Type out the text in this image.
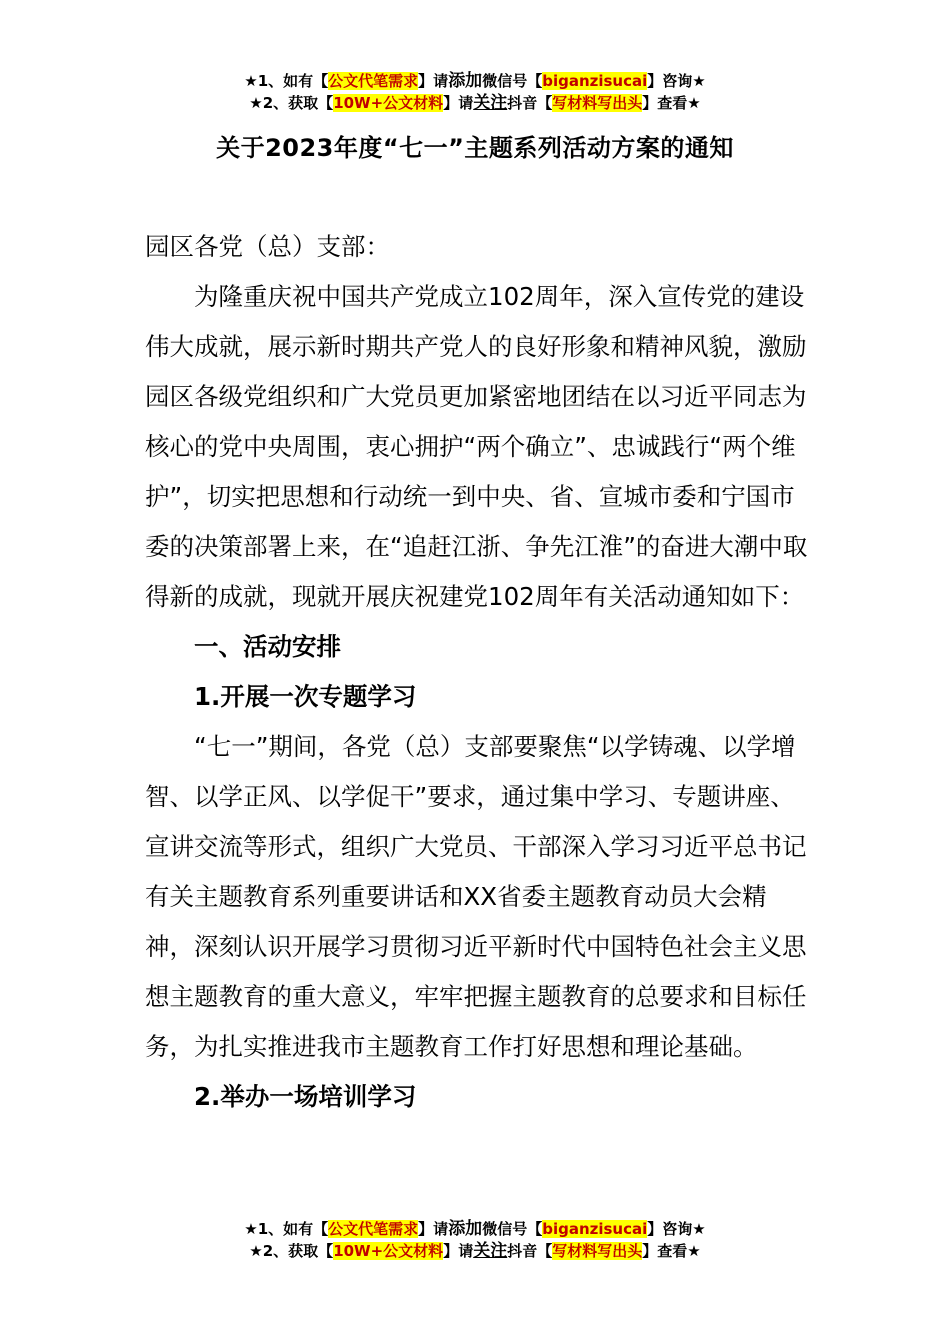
★1、如有【公文代笔需求】请添加微信号【biganzisucai】咨询★
★2、获取【10W+公文材料】请关注抖音【写材料写出头】查看★
关于2023年度“七一”主题系列活动方案的通知

园区各党（总）支部：

为隆重庆祝中国共产党成立102周年，深入宣传党的建设伟大成就，展示新时期共产党人的良好形象和精神风貌，激励园区各级党组织和广大党员更加紧密地团结在以习近平同志为核心的党中央周围，衷心拥护“两个确立”、忠诚践行“两个维护”，切实把思想和行动统一到中央、省、宣城市委和宁国市委的决策部署上来，在“追赶江浙、争先江淮”的奋进大潮中取得新的成就，现就开展庆祝建党102周年有关活动通知如下：

一、活动安排

1.开展一次专题学习

“七一”期间，各党（总）支部要聚焦“以学铸魂、以学增智、以学正风、以学促干”要求，通过集中学习、专题讲座、宣讲交流等形式，组织广大党员、干部深入学习习近平总书记有关主题教育系列重要讲话和XX省委主题教育动员大会精神，深刻认识开展学习贯彻习近平新时代中国特色社会主义思想主题教育的重大意义，牢牢把握主题教育的总要求和目标任务，为扎实推进我市主题教育工作打好思想和理论基础。

2.举办一场培训学习

★1、如有【公文代笔需求】请添加微信号【biganzisucai】咨询★
★2、获取【10W+公文材料】请关注抖音【写材料写出头】查看★
